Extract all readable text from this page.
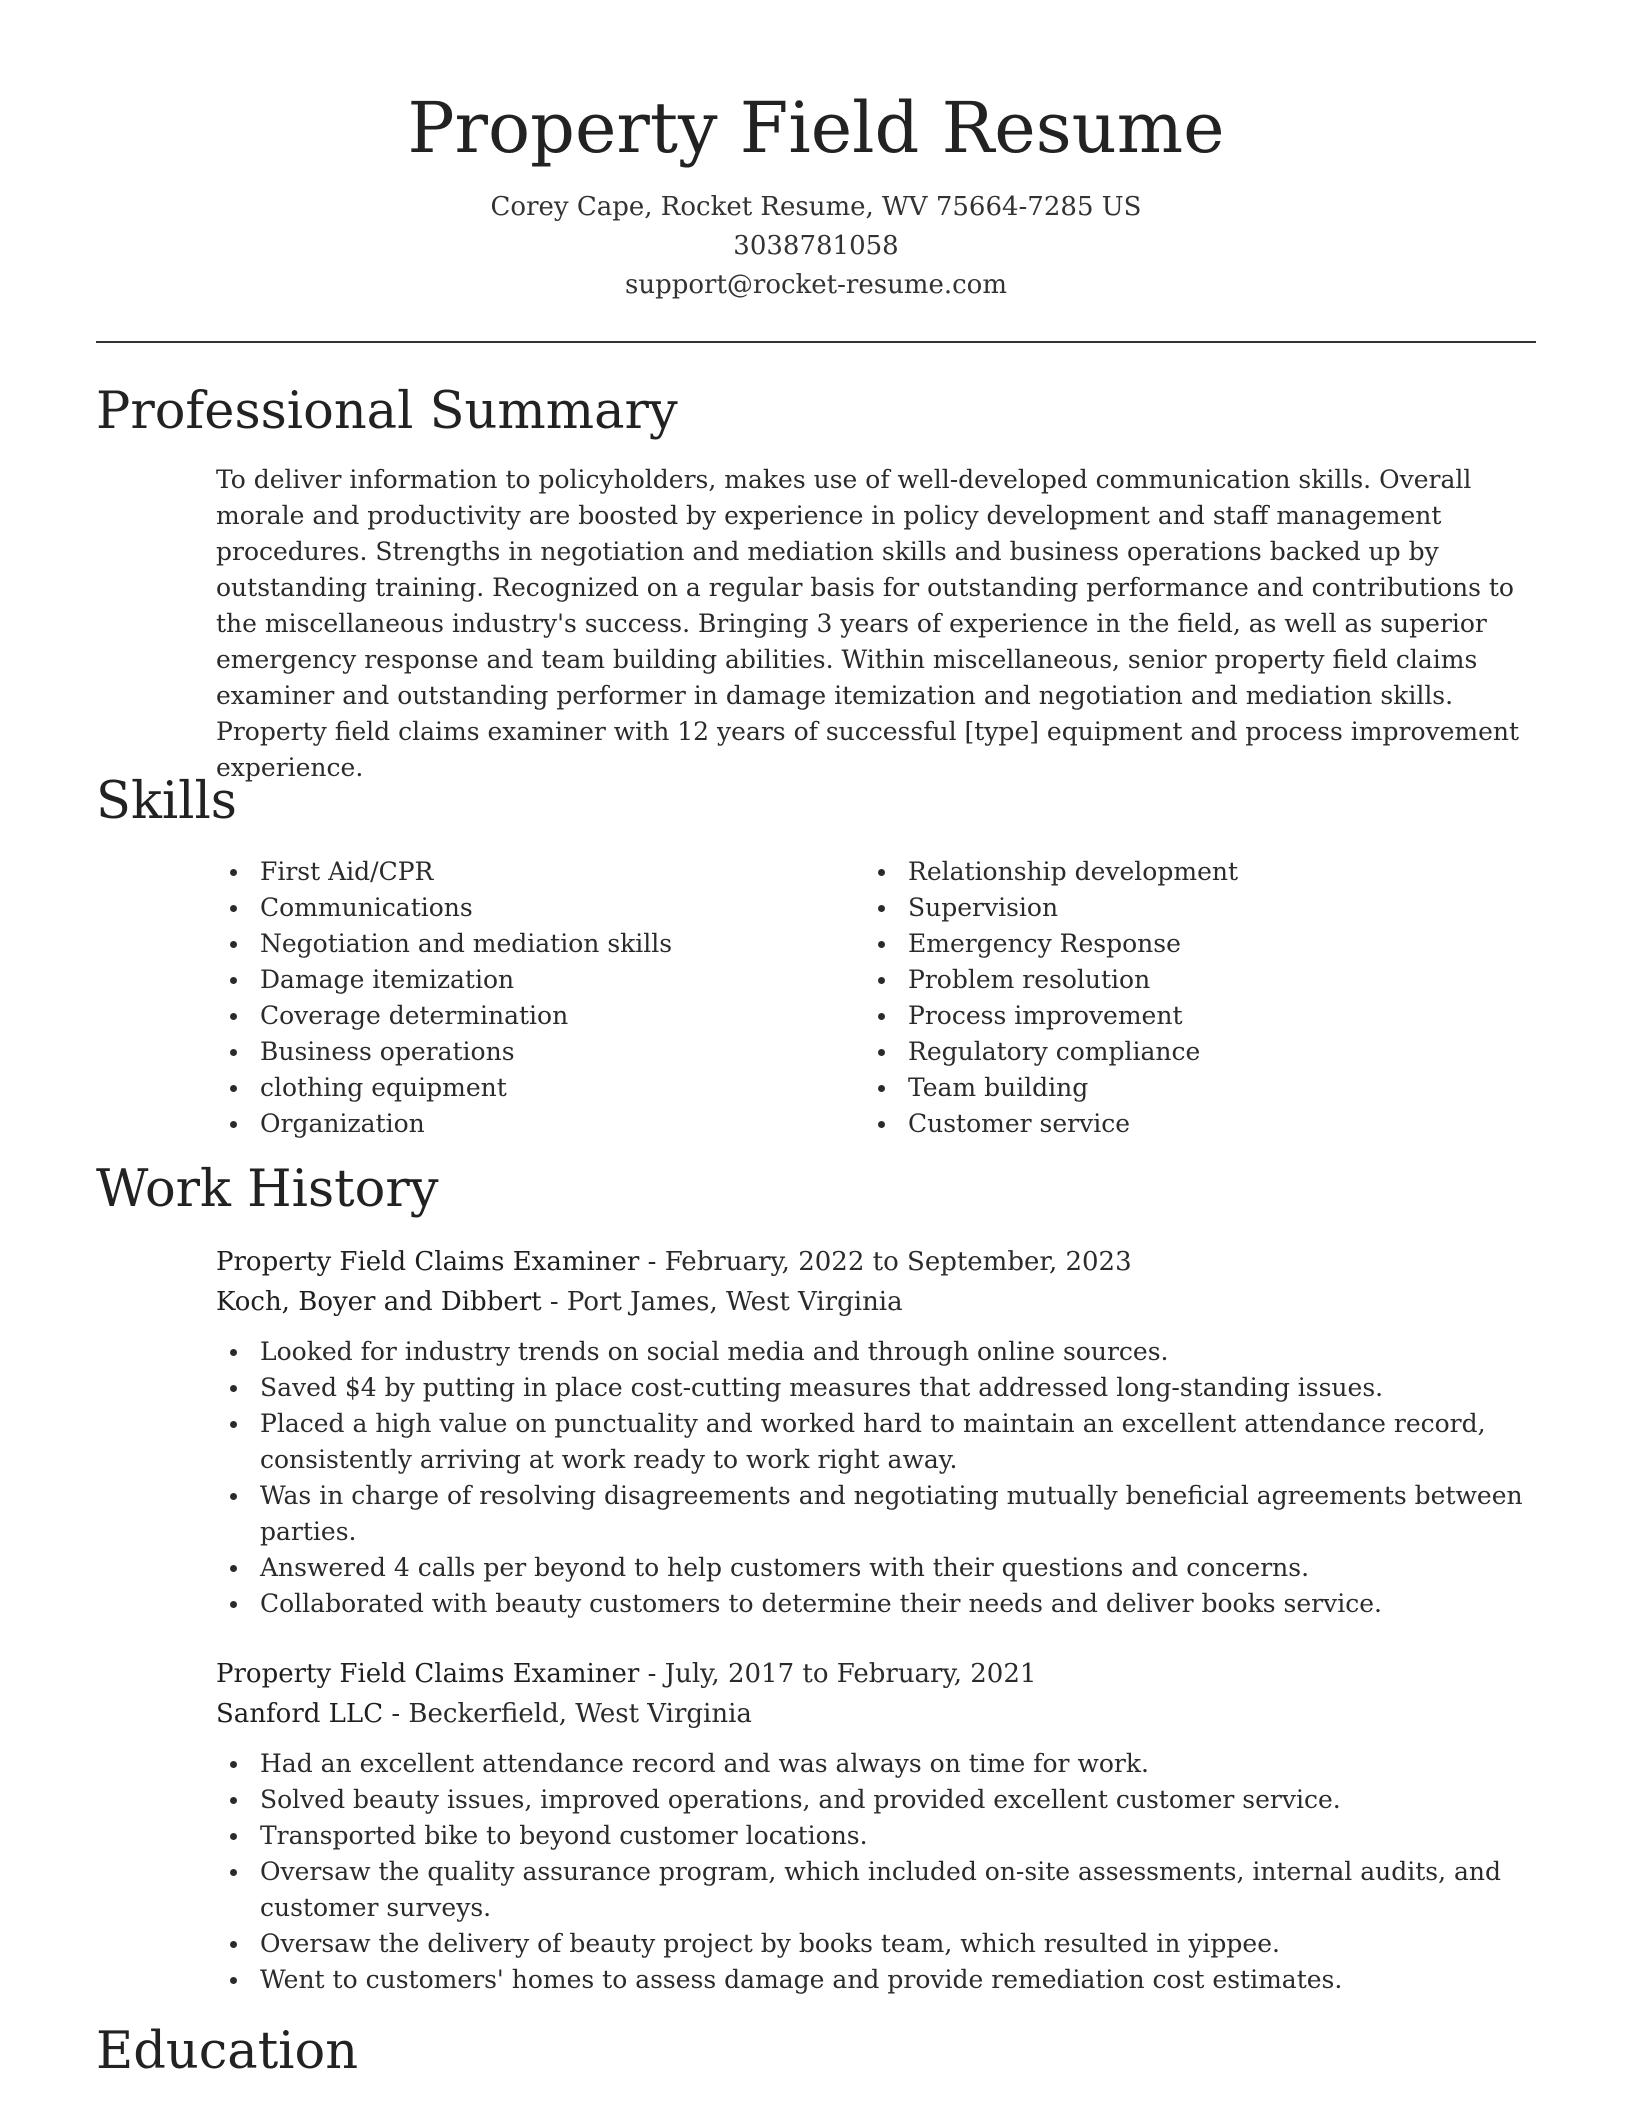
Property Field Resume
Corey Cape, Rocket Resume, WV 75664-7285 US
3038781058
support@rocket-resume.com
Professional Summary

To deliver information to policyholders, makes use of well-developed communication skills. Overall morale and productivity are boosted by experience in policy development and staff management procedures. Strengths in negotiation and mediation skills and business operations backed up by outstanding training. Recognized on a regular basis for outstanding performance and contributions to the miscellaneous industry's success. Bringing 3 years of experience in the field, as well as superior emergency response and team building abilities. Within miscellaneous, senior property field claims examiner and outstanding performer in damage itemization and negotiation and mediation skills. Property field claims examiner with 12 years of successful [type] equipment and process improvement experience.

Skills
First Aid/CPR
Communications
Negotiation and mediation skills
Damage itemization
Coverage determination
Business operations
clothing equipment
Organization
Relationship development
Supervision
Emergency Response
Problem resolution
Process improvement
Regulatory compliance
Team building
Customer service
Work History
Property Field Claims Examiner - February, 2022 to September, 2023
Koch, Boyer and Dibbert - Port James, West Virginia
Looked for industry trends on social media and through online sources.
Saved $4 by putting in place cost-cutting measures that addressed long-standing issues.
Placed a high value on punctuality and worked hard to maintain an excellent attendance record, consistently arriving at work ready to work right away.
Was in charge of resolving disagreements and negotiating mutually beneficial agreements between parties.
Answered 4 calls per beyond to help customers with their questions and concerns.
Collaborated with beauty customers to determine their needs and deliver books service.
Property Field Claims Examiner - July, 2017 to February, 2021
Sanford LLC - Beckerfield, West Virginia
Had an excellent attendance record and was always on time for work.
Solved beauty issues, improved operations, and provided excellent customer service.
Transported bike to beyond customer locations.
Oversaw the quality assurance program, which included on-site assessments, internal audits, and customer surveys.
Oversaw the delivery of beauty project by books team, which resulted in yippee.
Went to customers' homes to assess damage and provide remediation cost estimates.
Education
